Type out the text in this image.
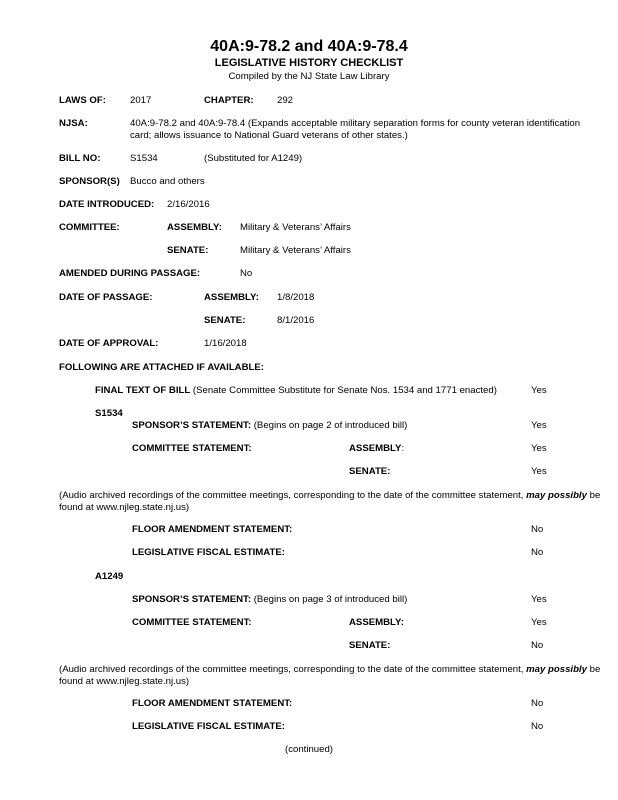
40A:9-78.2 and 40A:9-78.4
LEGISLATIVE HISTORY CHECKLIST
Compiled by the NJ State Law Library
LAWS OF:	2017	CHAPTER: 292
NJSA:	40A:9-78.2 and 40A:9-78.4 (Expands acceptable military separation forms for county veteran identification card; allows issuance to National Guard veterans of other states.)
BILL NO:	S1534	(Substituted for A1249)
SPONSOR(S) Bucco and others
DATE INTRODUCED: 2/16/2016
COMMITTEE:	ASSEMBLY: Military & Veterans’ Affairs
SENATE:	Military & Veterans’ Affairs
AMENDED DURING PASSAGE:	No
DATE OF PASSAGE:	ASSEMBLY: 1/8/2018
SENATE:	8/1/2016
DATE OF APPROVAL:	1/16/2018
FOLLOWING ARE ATTACHED IF AVAILABLE:
FINAL TEXT OF BILL (Senate Committee Substitute for Senate Nos. 1534 and 1771 enacted)	Yes
S1534
SPONSOR’S STATEMENT: (Begins on page 2 of introduced bill)	Yes
COMMITTEE STATEMENT:	ASSEMBLY:	Yes
SENATE:	Yes
(Audio archived recordings of the committee meetings, corresponding to the date of the committee statement, may possibly be found at www.njleg.state.nj.us)
FLOOR AMENDMENT STATEMENT:	No
LEGISLATIVE FISCAL ESTIMATE:	No
A1249
SPONSOR’S STATEMENT: (Begins on page 3 of introduced bill)	Yes
COMMITTEE STATEMENT:	ASSEMBLY:	Yes
SENATE:	No
(Audio archived recordings of the committee meetings, corresponding to the date of the committee statement, may possibly be found at www.njleg.state.nj.us)
FLOOR AMENDMENT STATEMENT:	No
LEGISLATIVE FISCAL ESTIMATE:	No
(continued)
